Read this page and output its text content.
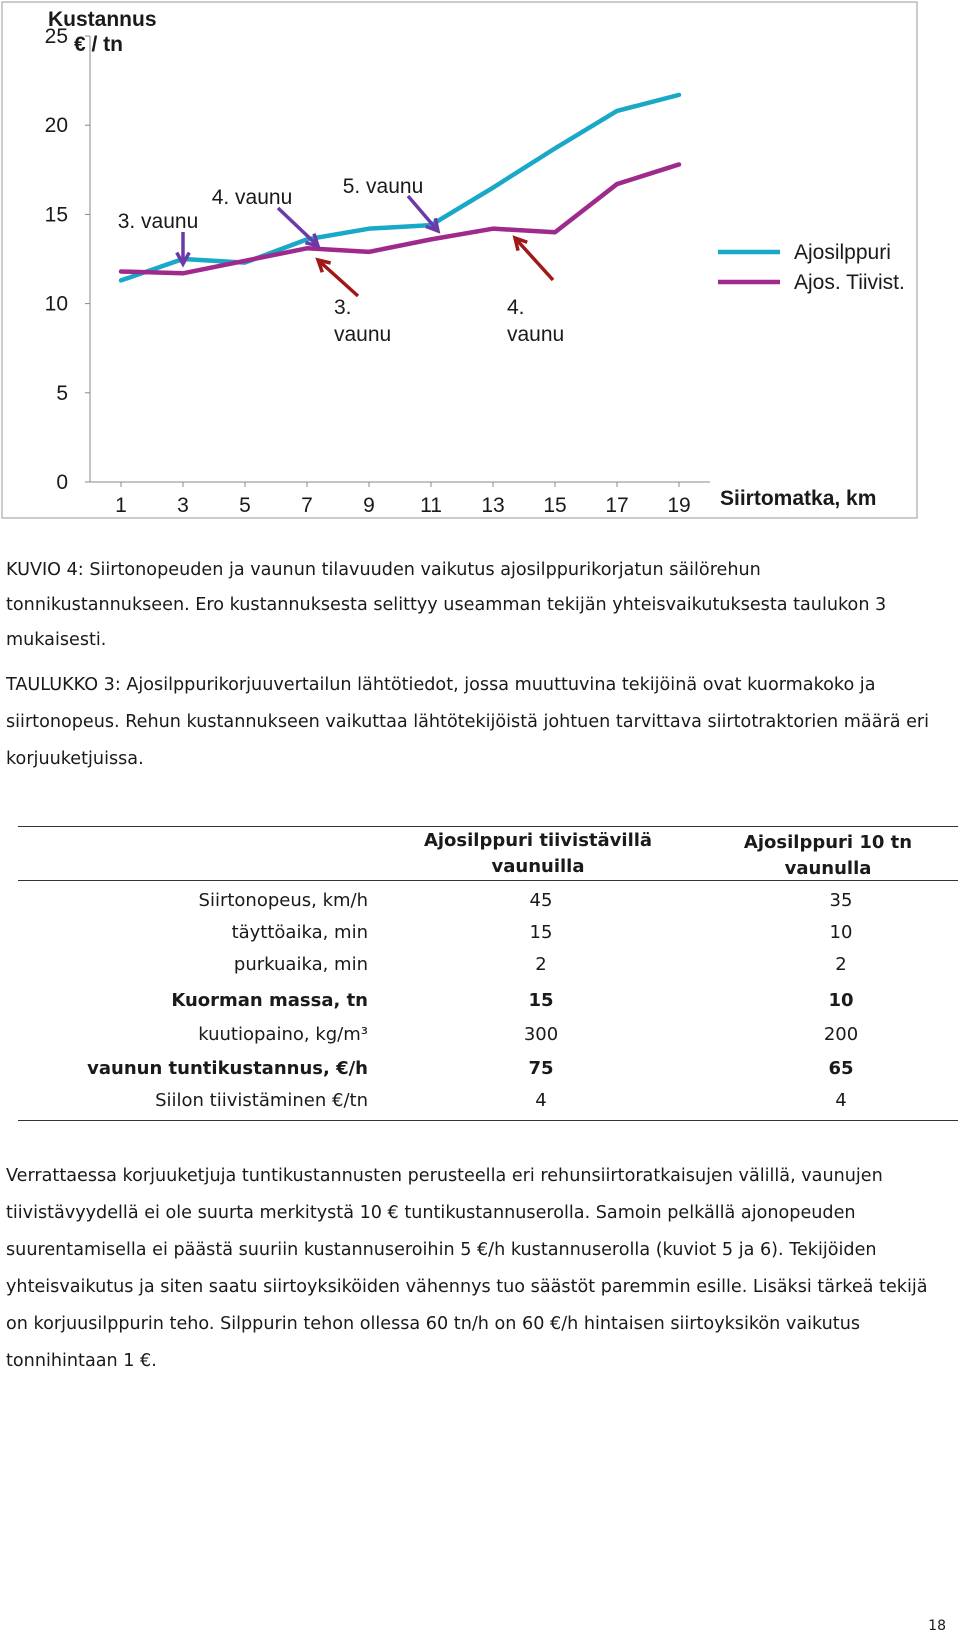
0
5
10
15
20
25
1 3 5 7 9 11 13 15 17 19
Kustannus
€ / tn
Siirtomatka, km
Ajosilppuri
Ajos. Tiivist.
3. vaunu
4. vaunu 5. vaunu
3.
vaunu
4.
vaunu
KUVIO 4: Siirtonopeuden ja vaunun tilavuuden vaikutus ajosilppurikorjatun säilörehun tonnikustannukseen. Ero kustannuksesta selittyy useamman tekijän yhteisvaikutuksesta taulukon 3 mukaisesti.
TAULUKKO 3: Ajosilppurikorjuuvertailun lähtötiedot, jossa muuttuvina tekijöinä ovat kuormakoko ja siirtonopeus. Rehun kustannukseen vaikuttaa lähtötekijöistä johtuen tarvittava siirtotraktorien määrä eri korjuuketjuissa.
Ajosilppuri tiivistävillä vaunuilla
Ajosilppuri 10 tn vaunulla
Siirtonopeus, km/h	45	35
täyttöaika, min	15	10
purkuaika, min	2	2
Kuorman massa, tn	15	10
kuutiopaino, kg/m³	300	200
vaunun tuntikustannus, €/h	75	65
Siilon tiivistäminen €/tn	4	4
Verrattaessa korjuuketjuja tuntikustannusten perusteella eri rehunsiirtoratkaisujen välillä, vaunujen tiivistävyydellä ei ole suurta merkitystä 10 € tuntikustannuserolla. Samoin pelkällä ajonopeuden suurentamisella ei päästä suuriin kustannuseroihin 5 €/h kustannuserolla (kuviot 5 ja 6). Tekijöiden yhteisvaikutus ja siten saatu siirtoyksiköiden vähennys tuo säästöt paremmin esille. Lisäksi tärkeä tekijä on korjuusilppurin teho. Silppurin tehon ollessa 60 tn/h on 60 €/h hintaisen siirtoyksikön vaikutus tonnihintaan 1 €.
18
